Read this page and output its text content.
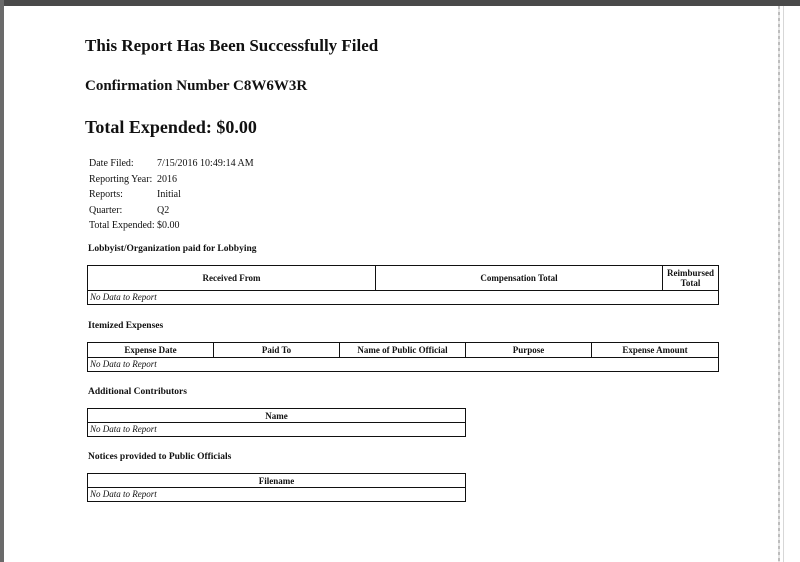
This Report Has Been Successfully Filed
Confirmation Number C8W6W3R
Total Expended: $0.00
Date Filed:	7/15/2016 10:49:14 AM
Reporting Year: 2016
Reports:	Initial
Quarter:	Q2
Total Expended: $0.00
Lobbyist/Organization paid for Lobbying
Received From	Compensation Total	Reimbursed Total
No Data to Report
Itemized Expenses
Expense Date	Paid To	Name of Public Official	Purpose	Expense Amount
No Data to Report
Additional Contributors
Name
No Data to Report
Notices provided to Public Officials
Filename
No Data to Report
